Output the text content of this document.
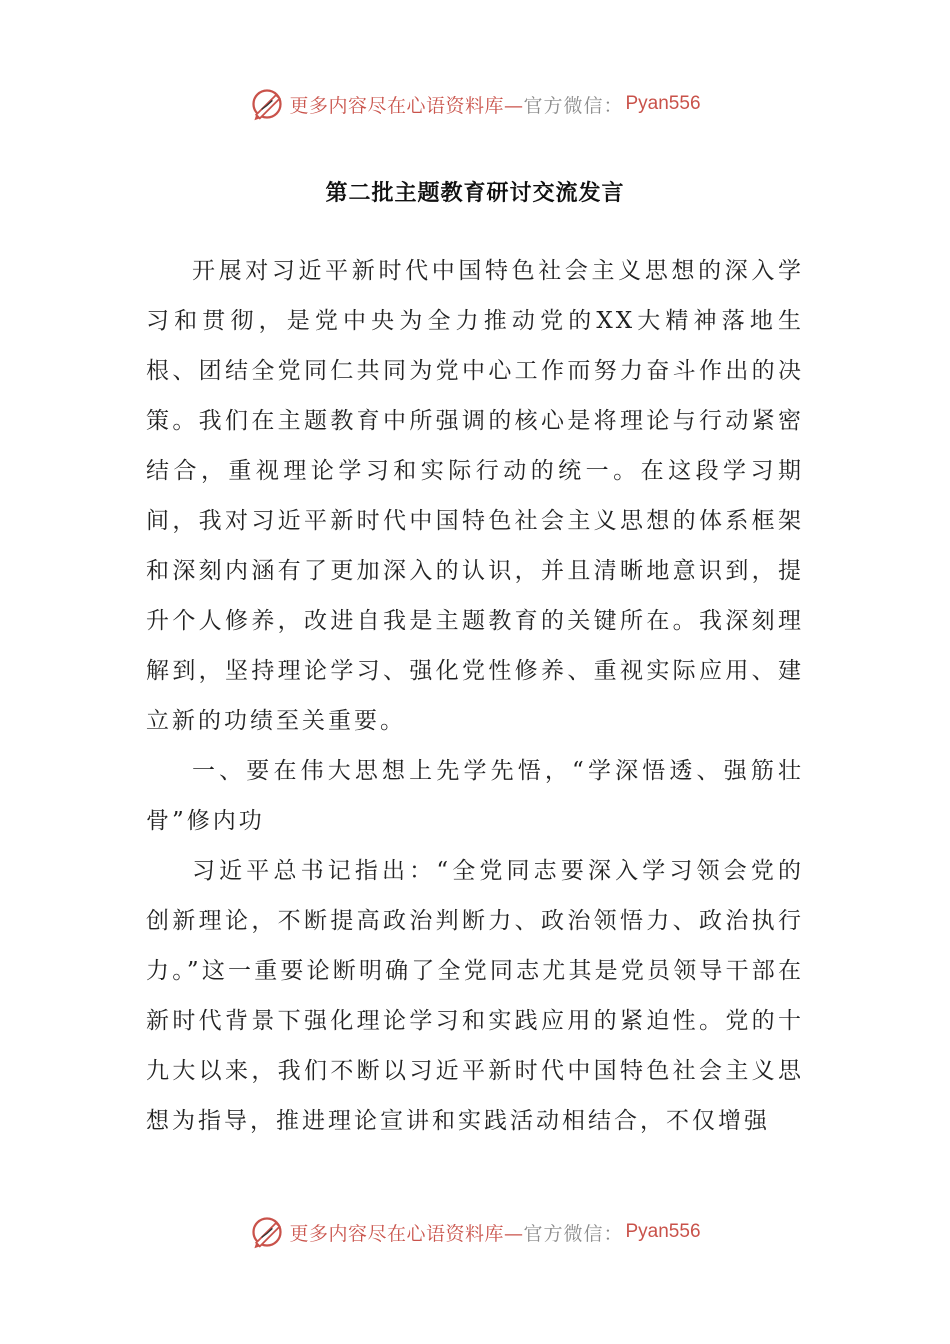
更多内容尽在心语资料库— 官方微信： Pyan556
第二批主题教育研讨交流发言

开展对习近平新时代中国特色社会主义思想的深入学习和贯彻，是党中央为全力推动党的XX大精神落地生根、团结全党同仁共同为党中心工作而努力奋斗作出的决策。我们在主题教育中所强调的核心是将理论与行动紧密结合，重视理论学习和实际行动的统一。在这段学习期间，我对习近平新时代中国特色社会主义思想的体系框架和深刻内涵有了更加深入的认识，并且清晰地意识到，提升个人修养，改进自我是主题教育的关键所在。我深刻理解到，坚持理论学习、强化党性修养、重视实际应用、建立新的功绩至关重要。

一、要在伟大思想上先学先悟，“学深悟透、强筋壮骨”修内功

习近平总书记指出：“全党同志要深入学习领会党的创新理论，不断提高政治判断力、政治领悟力、政治执行力。”这一重要论断明确了全党同志尤其是党员领导干部在新时代背景下强化理论学习和实践应用的紧迫性。党的十九大以来，我们不断以习近平新时代中国特色社会主义思想为指导，推进理论宣讲和实践活动相结合，不仅增强

更多内容尽在心语资料库— 官方微信： Pyan556
